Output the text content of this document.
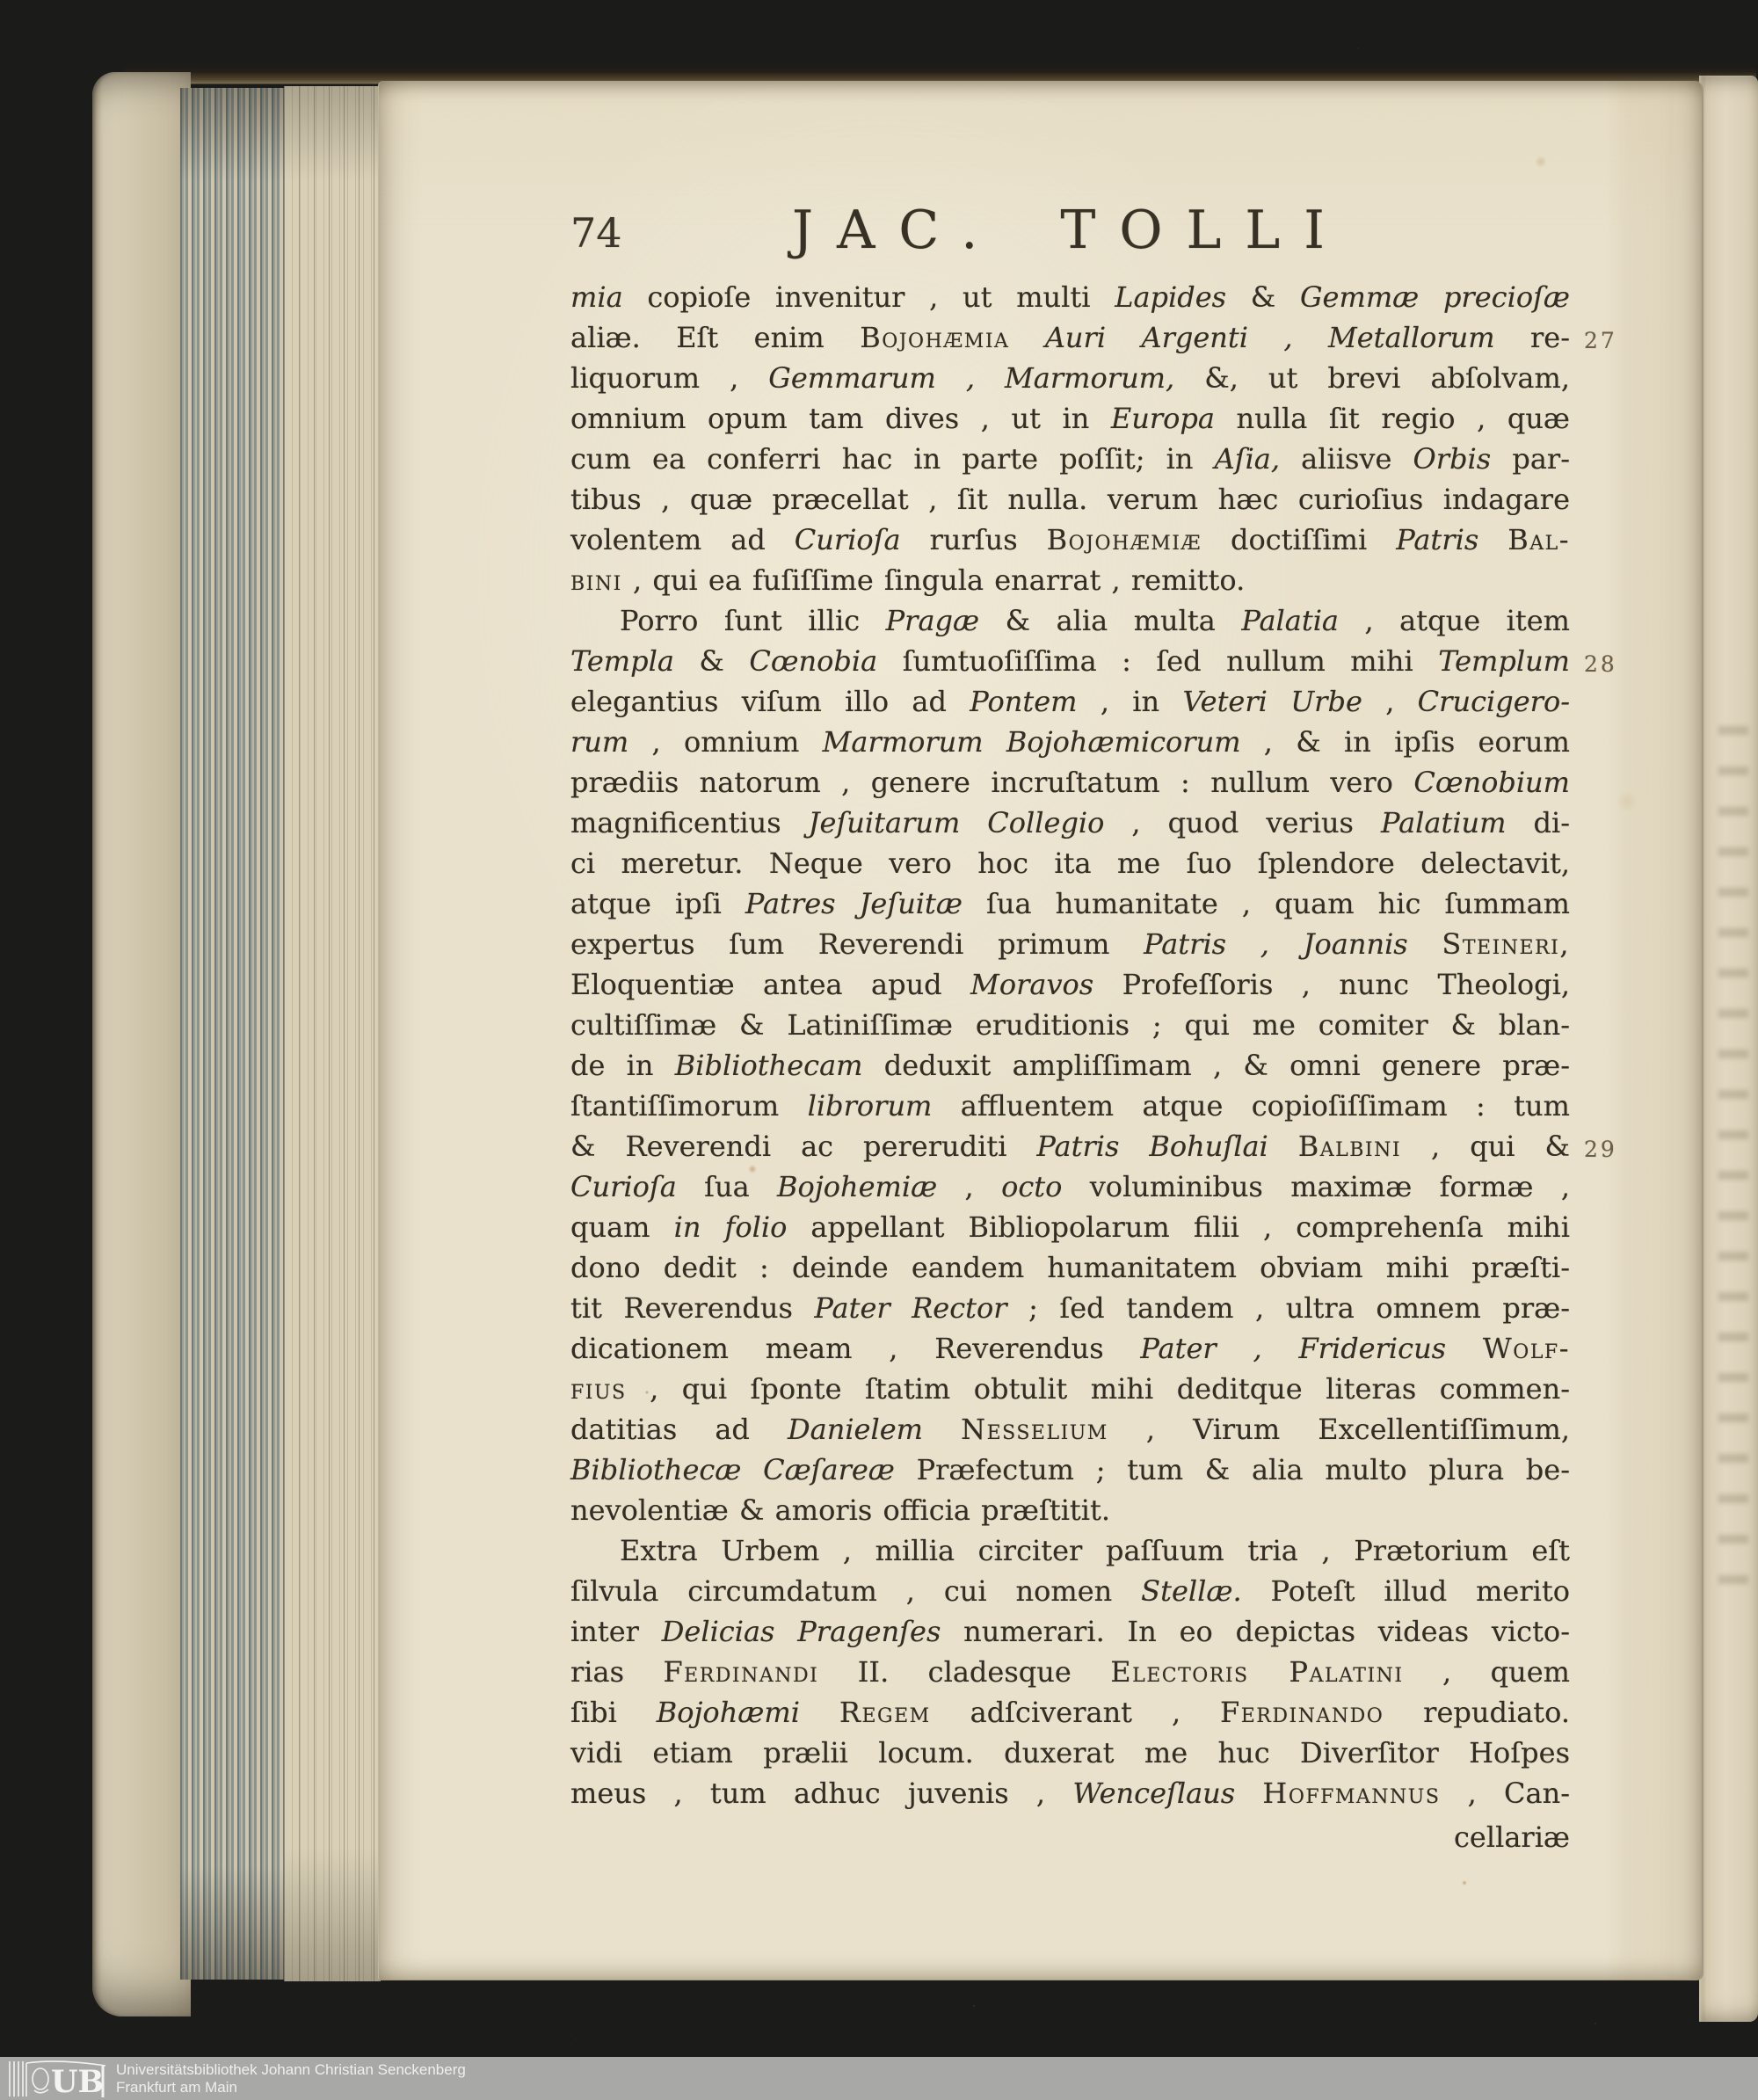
74	JAC. TOLLI
mia copioſe invenitur , ut multi Lapides & Gemmæ precioſæ
aliæ. Eſt enim Bojohæmia Auri Argenti , Metallorum re- 27
liquorum , Gemmarum , Marmorum, &, ut brevi abſolvam,
omnium opum tam dives , ut in Europa nulla ſit regio , quæ
cum ea conferri hac in parte poſſit; in Aſia, aliisve Orbis par-
tibus , quæ præcellat , ſit nulla. verum hæc curioſius indagare
volentem ad Curioſa rurſus Bojohæmiæ doctiſſimi Patris Bal-
bini , qui ea fuſiſſime ſingula enarrat , remitto.
Porro ſunt illic Pragæ & alia multa Palatia , atque item
Templa & Cœnobia ſumtuoſiſſima : ſed nullum mihi Templum 28
elegantius viſum illo ad Pontem , in Veteri Urbe , Crucigero-
rum , omnium Marmorum Bojohæmicorum , & in ipſis eorum
prædiis natorum , genere incruſtatum : nullum vero Cœnobium
magnificentius Jeſuitarum Collegio , quod verius Palatium di-
ci meretur. Neque vero hoc ita me ſuo ſplendore delectavit,
atque ipſi Patres Jeſuitæ ſua humanitate , quam hic ſummam
expertus ſum Reverendi primum Patris , Joannis Steineri,
Eloquentiæ antea apud Moravos Profeſſoris , nunc Theologi,
cultiſſimæ & Latiniſſimæ eruditionis ; qui me comiter & blan-
de in Bibliothecam deduxit ampliſſimam , & omni genere præ-
ſtantiſſimorum librorum affluentem atque copioſiſſimam : tum
& Reverendi ac pereruditi Patris Bohuſlai Balbini , qui & 29
Curioſa ſua Bojohemiæ , octo voluminibus maximæ formæ ,
quam in folio appellant Bibliopolarum filii , comprehenſa mihi
dono dedit : deinde eandem humanitatem obviam mihi præſti-
tit Reverendus Pater Rector ; ſed tandem , ultra omnem præ-
dicationem meam , Reverendus Pater , Fridericus Wolf-
fius , qui ſponte ſtatim obtulit mihi deditque literas commen-
datitias ad Danielem Nesselium , Virum Excellentiſſimum,
Bibliothecæ Cæſareæ Præfectum ; tum & alia multo plura be-
nevolentiæ & amoris officia præſtitit.
Extra Urbem , millia circiter paſſuum tria , Prætorium eſt
ſilvula circumdatum , cui nomen Stellæ. Poteſt illud merito
inter Delicias Pragenſes numerari. In eo depictas videas victo-
rias Ferdinandi II. cladesque Electoris Palatini , quem
ſibi Bojohæmi Regem adſciverant , Ferdinando repudiato.
vidi etiam prælii locum. duxerat me huc Diverſitor Hoſpes
meus , tum adhuc juvenis , Wenceſlaus Hoffmannus , Can-
cellariæ
UB Universitätsbibliothek Johann Christian Senckenberg
Frankfurt am Main
